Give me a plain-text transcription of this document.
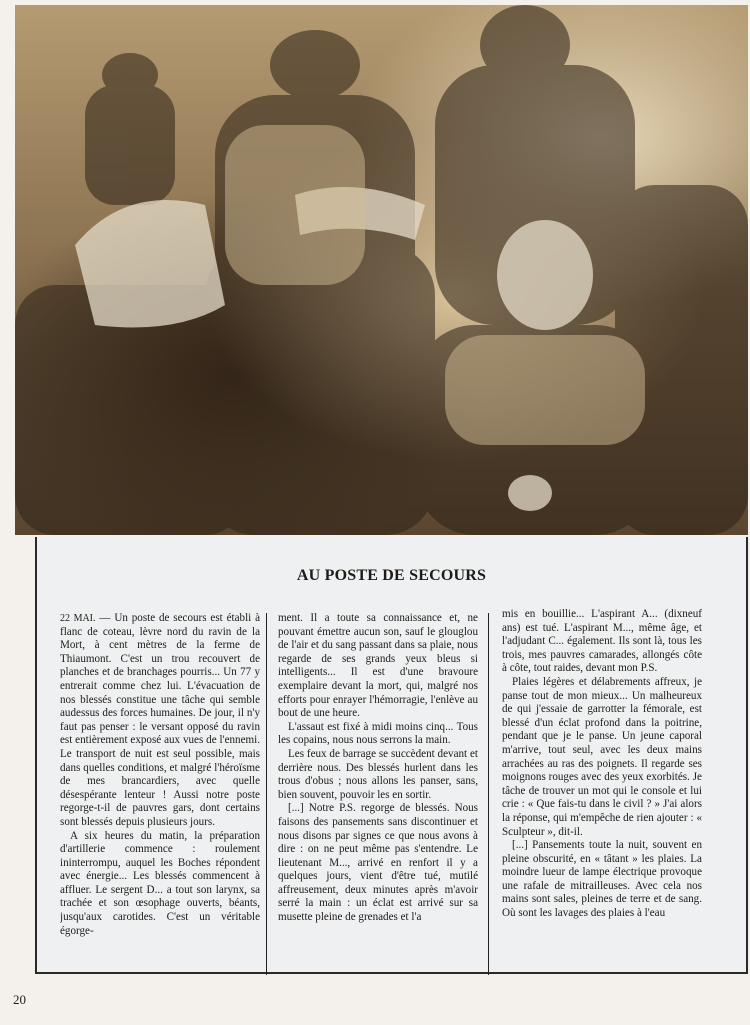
AU POSTE DE SECOURS

22 MAI. — Un poste de secours est établi à flanc de coteau, lèvre nord du ravin de la Mort, à cent mètres de la ferme de Thiaumont. C'est un trou recouvert de planches et de branchages pourris... Un 77 y entrerait comme chez lui. L'évacuation de nos blessés constitue une tâche qui semble audessus des forces humaines. De jour, il n'y faut pas penser : le versant opposé du ravin est entièrement exposé aux vues de l'ennemi. Le transport de nuit est seul possible, mais dans quelles conditions, et malgré l'héroïsme de mes brancardiers, avec quelle désespérante lenteur ! Aussi notre poste regorge-t-il de pauvres gars, dont certains sont blessés depuis plusieurs jours.

A six heures du matin, la préparation d'artillerie commence : roulement ininterrompu, auquel les Boches répondent avec énergie... Les blessés commencent à affluer. Le sergent D... a tout son larynx, sa trachée et son œsophage ouverts, béants, jusqu'aux carotides. C'est un véritable égorge-

ment. Il a toute sa connaissance et, ne pouvant émettre aucun son, sauf le glouglou de l'air et du sang passant dans sa plaie, nous regarde de ses grands yeux bleus si intelligents... Il est d'une bravoure exemplaire devant la mort, qui, malgré nos efforts pour enrayer l'hémorragie, l'enlève au bout de une heure.

L'assaut est fixé à midi moins cinq... Tous les copains, nous nous serrons la main.

Les feux de barrage se succèdent devant et derrière nous. Des blessés hurlent dans les trous d'obus ; nous allons les panser, sans, bien souvent, pouvoir les en sortir.

[...] Notre P.S. regorge de blessés. Nous faisons des pansements sans discontinuer et nous disons par signes ce que nous avons à dire : on ne peut même pas s'entendre. Le lieutenant M..., arrivé en renfort il y a quelques jours, vient d'être tué, mutilé affreusement, deux minutes après m'avoir serré la main : un éclat est arrivé sur sa musette pleine de grenades et l'a

mis en bouillie... L'aspirant A... (dixneuf ans) est tué. L'aspirant M..., même âge, et l'adjudant C... également. Ils sont là, tous les trois, mes pauvres camarades, allongés côte à côte, tout raides, devant mon P.S.

Plaies légères et délabrements affreux, je panse tout de mon mieux... Un malheureux de qui j'essaie de garrotter la fémorale, est blessé d'un éclat profond dans la poitrine, pendant que je le panse. Un jeune caporal m'arrive, tout seul, avec les deux mains arrachées au ras des poignets. Il regarde ses moignons rouges avec des yeux exorbités. Je tâche de trouver un mot qui le console et lui crie : « Que fais-tu dans le civil ? » J'ai alors la réponse, qui m'empêche de rien ajouter : « Sculpteur », dit-il.

[...] Pansements toute la nuit, souvent en pleine obscurité, en « tâtant » les plaies. La moindre lueur de lampe électrique provoque une rafale de mitrailleuses. Avec cela nos mains sont sales, pleines de terre et de sang. Où sont les lavages des plaies à l'eau

20
